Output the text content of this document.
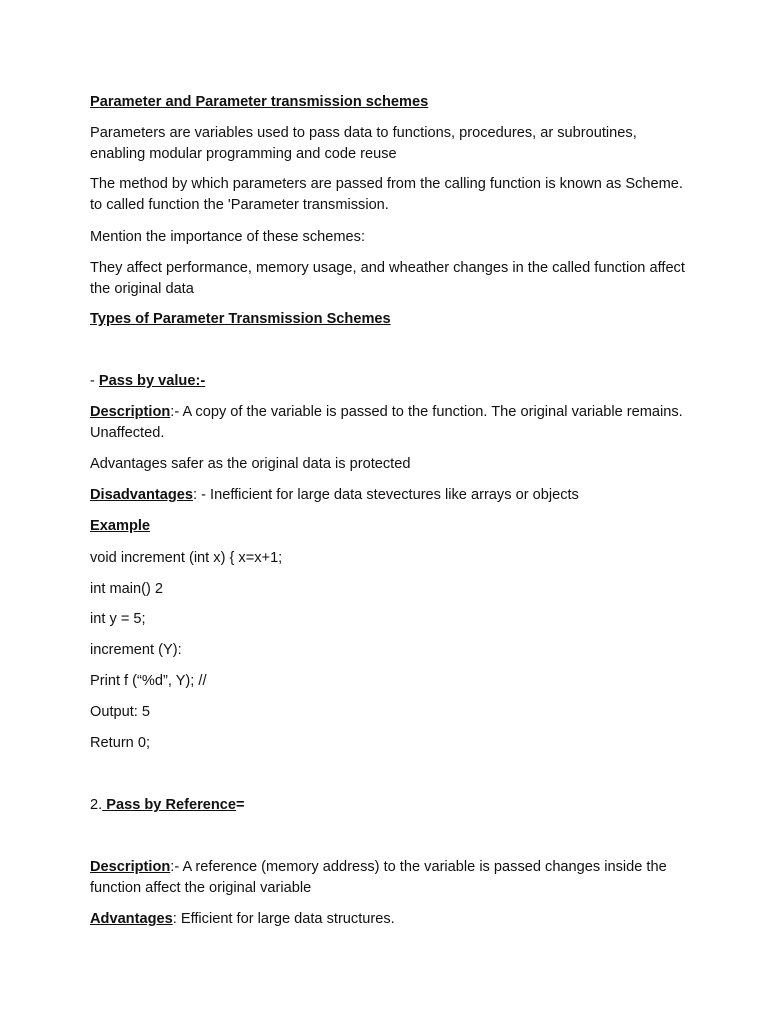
Parameter and Parameter transmission schemes
Parameters are variables used to pass data to functions, procedures, ar subroutines, enabling modular programming and code reuse
The method by which parameters are passed from the calling function is known as Scheme. to called function the 'Parameter transmission.
Mention the importance of these schemes:
They affect performance, memory usage, and wheather changes in the called function affect the original data
Types of Parameter Transmission Schemes
- Pass by value:-
Description:- A copy of the variable is passed to the function. The original variable remains. Unaffected.
Advantages safer as the original data is protected
Disadvantages: - Inefficient for large data stevectures like arrays or objects
Example
void increment (int x) { x=x+1;
int main() 2
int y = 5;
increment (Y):
Print f (“%d”, Y); //
Output: 5
Return 0;
2. Pass by Reference=
Description:- A reference (memory address) to the variable is passed changes inside the function affect the original variable
Advantages: Efficient for large data structures.
